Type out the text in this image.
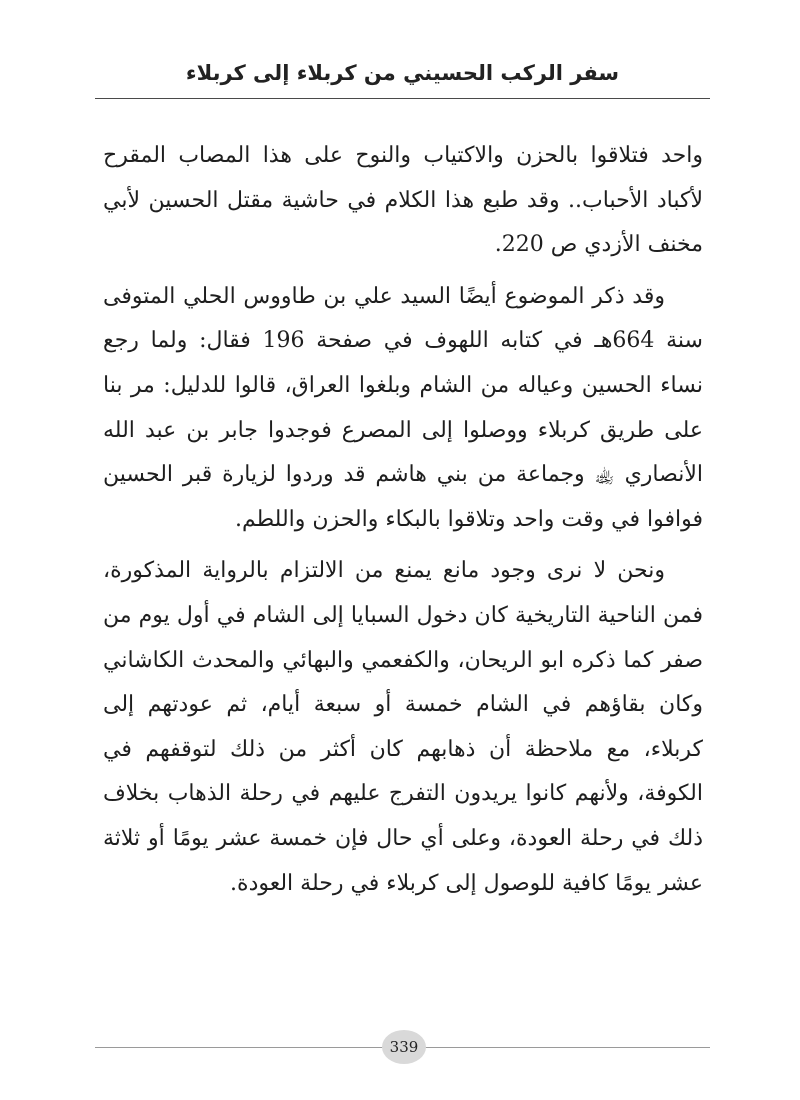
سفر الركب الحسيني من كربلاء إلى كربلاء

واحد فتلاقوا بالحزن والاكتياب والنوح على هذا المصاب المقرح لأكباد الأحباب.. وقد طبع هذا الكلام في حاشية مقتل الحسين لأبي مخنف الأزدي ص 220.

وقد ذكر الموضوع أيضًا السيد علي بن طاووس الحلي المتوفى سنة 664هـ في كتابه اللهوف في صفحة 196 فقال: ولما رجع نساء الحسين وعياله من الشام وبلغوا العراق، قالوا للدليل: مر بنا على طريق كربلاء ووصلوا إلى المصرع فوجدوا جابر بن عبد الله الأنصاري ﵀ وجماعة من بني هاشم قد وردوا لزيارة قبر الحسين فوافوا في وقت واحد وتلاقوا بالبكاء والحزن واللطم.

ونحن لا نرى وجود مانع يمنع من الالتزام بالرواية المذكورة، فمن الناحية التاريخية كان دخول السبايا إلى الشام في أول يوم من صفر كما ذكره ابو الريحان، والكفعمي والبهائي والمحدث الكاشاني وكان بقاؤهم في الشام خمسة أو سبعة أيام، ثم عودتهم إلى كربلاء، مع ملاحظة أن ذهابهم كان أكثر من ذلك لتوقفهم في الكوفة، ولأنهم كانوا يريدون التفرج عليهم في رحلة الذهاب بخلاف ذلك في رحلة العودة، وعلى أي حال فإن خمسة عشر يومًا أو ثلاثة عشر يومًا كافية للوصول إلى كربلاء في رحلة العودة.

339
